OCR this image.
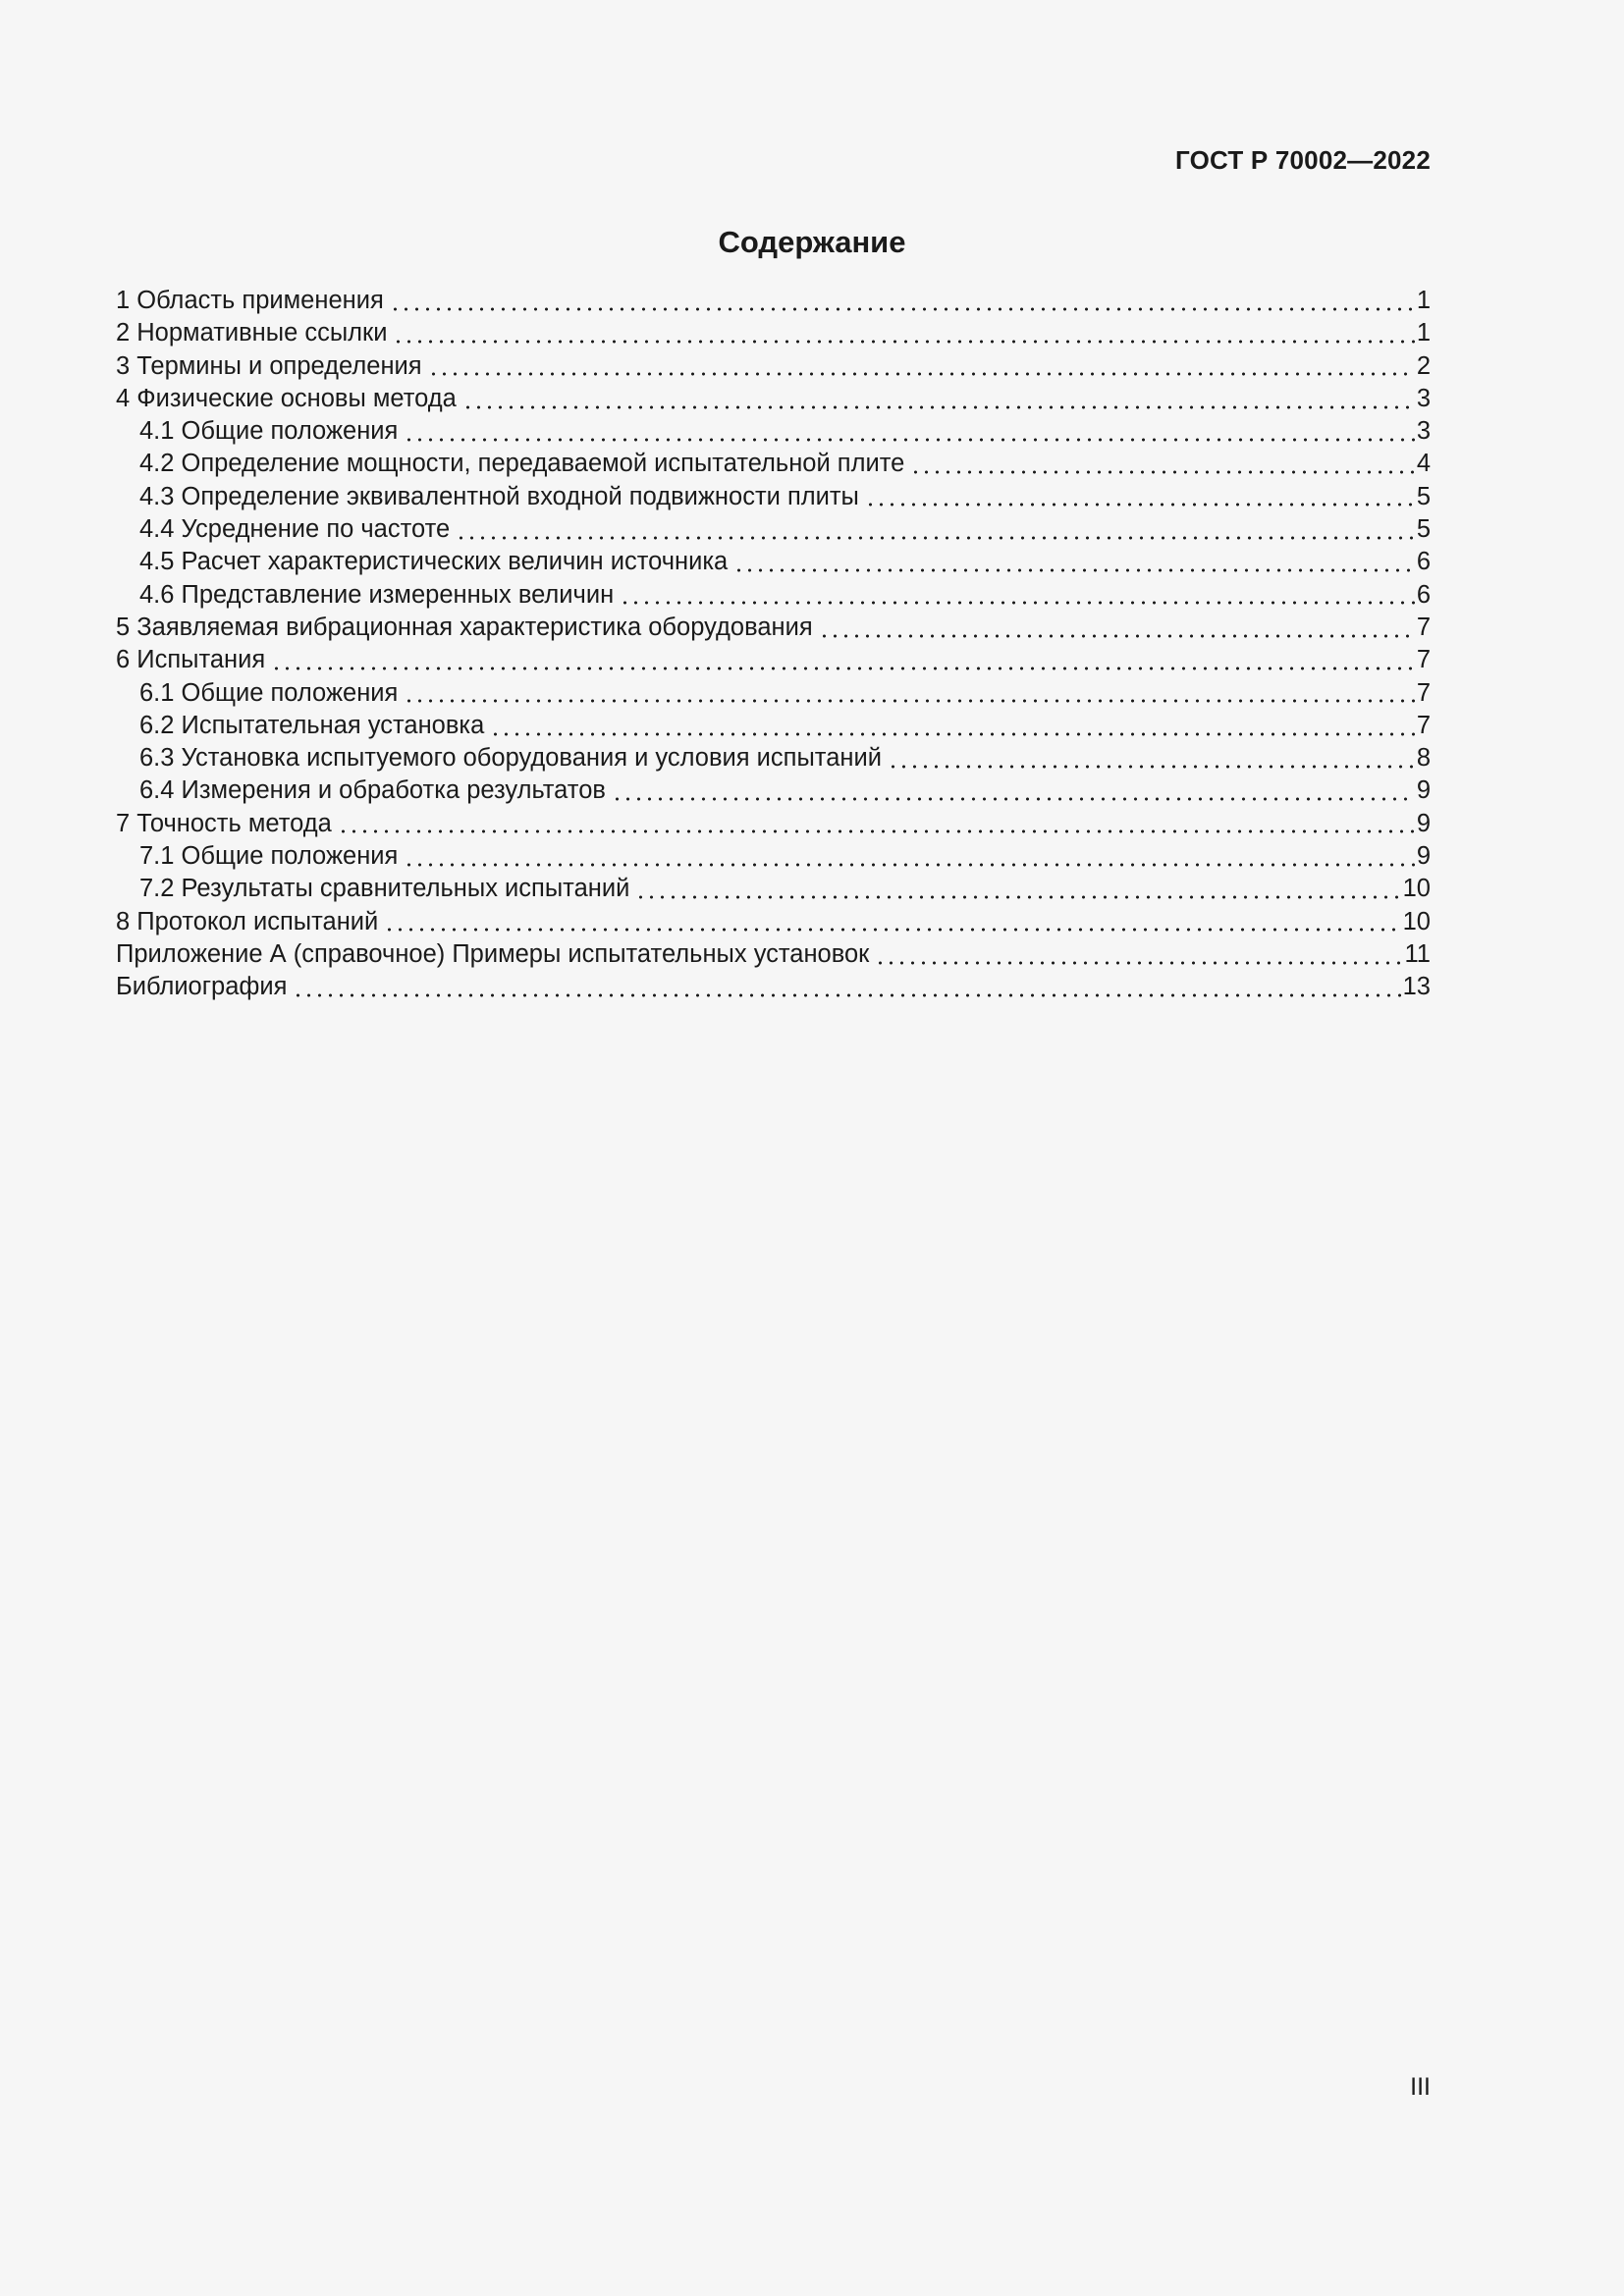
ГОСТ Р 70002—2022
Содержание
1 Область применения	1
2 Нормативные ссылки	1
3 Термины и определения	2
4 Физические основы метода	3
4.1 Общие положения	3
4.2 Определение мощности, передаваемой испытательной плите	4
4.3 Определение эквивалентной входной подвижности плиты	5
4.4 Усреднение по частоте	5
4.5 Расчет характеристических величин источника	6
4.6 Представление измеренных величин	6
5 Заявляемая вибрационная характеристика оборудования	7
6 Испытания	7
6.1 Общие положения	7
6.2 Испытательная установка	7
6.3 Установка испытуемого оборудования и условия испытаний	8
6.4 Измерения и обработка результатов	9
7 Точность метода	9
7.1 Общие положения	9
7.2 Результаты сравнительных испытаний	10
8 Протокол испытаний	10
Приложение А (справочное) Примеры испытательных установок	11
Библиография	13
III
